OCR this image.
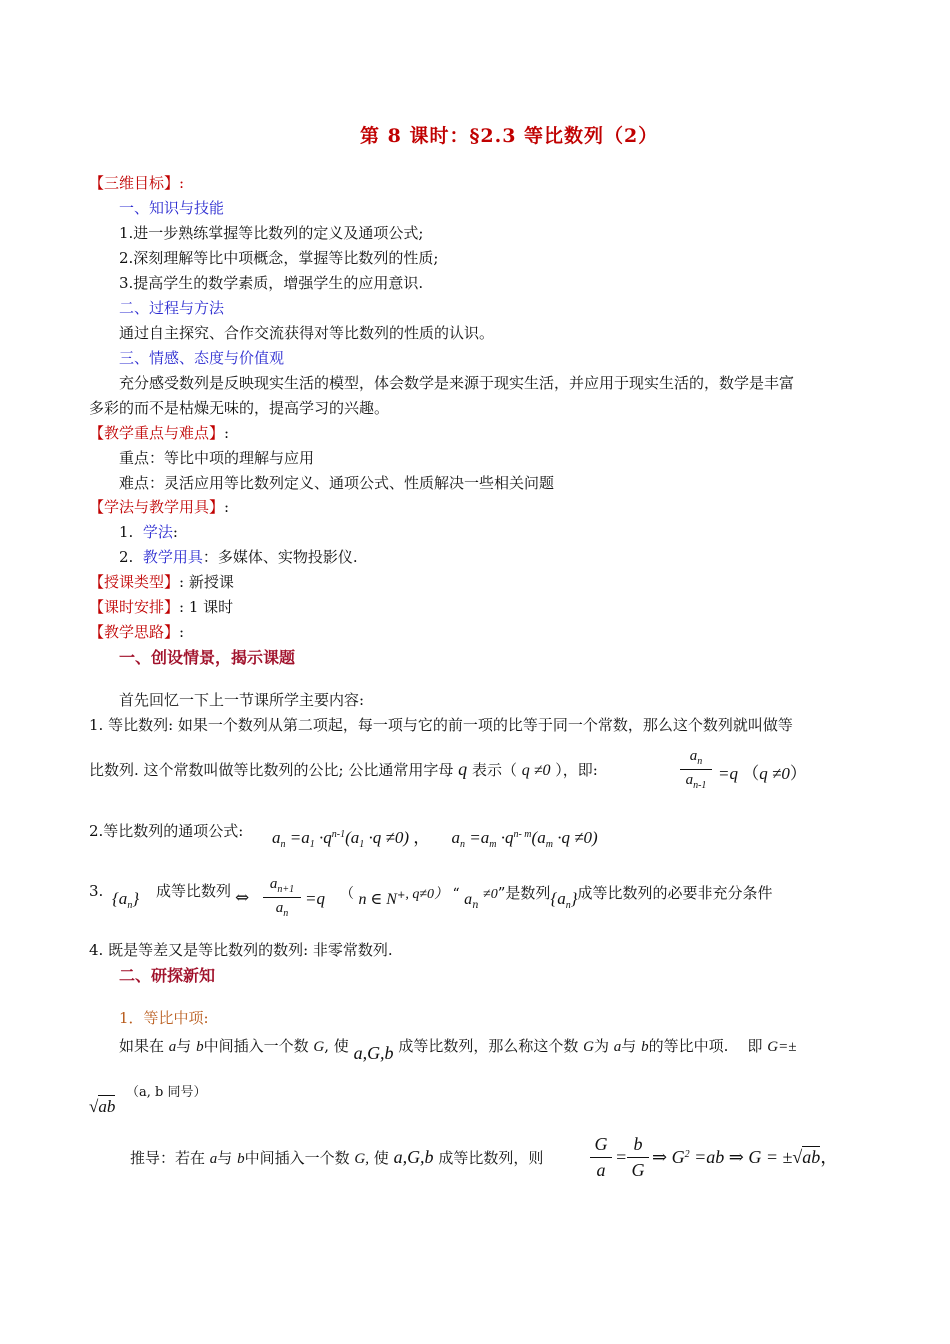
第 8 课时：§2.3 等比数列（2）
【三维目标】:
一、知识与技能
1.进一步熟练掌握等比数列的定义及通项公式;
2.深刻理解等比中项概念，掌握等比数列的性质;
3.提高学生的数学素质，增强学生的应用意识.
二、过程与方法
通过自主探究、合作交流获得对等比数列的性质的认识。
三、情感、态度与价值观
充分感受数列是反映现实生活的模型，体会数学是来源于现实生活，并应用于现实生活的，数学是丰富
多彩的而不是枯燥无味的，提高学习的兴趣。
【教学重点与难点】:
重点：等比中项的理解与应用
难点：灵活应用等比数列定义、通项公式、性质解决一些相关问题
【学法与教学用具】:
1. 学法:
2. 教学用具：多媒体、实物投影仪.
【授课类型】: 新授课
【课时安排】: 1 课时
【教学思路】:
一、创设情景，揭示课题
首先回忆一下上一节课所学主要内容:
1. 等比数列: 如果一个数列从第二项起，每一项与它的前一项的比等于同一个常数，那么这个数列就叫做等
比数列. 这个常数叫做等比数列的公比; 公比通常用字母 q 表示（ q ≠0 ），即:
$a_n$
$a_{n-1}$
=q （q ≠0）
2.等比数列的通项公式: $a_n =a_1 \cdot q^{n-1}(a_1 \cdot q \ne 0)$ ， $a_n =a_m \cdot q^{n- m}(a_m \cdot q \ne 0)$
3. $\{a_n\}$ 成等比数列 ⇔
$a_{n+1}$
$a_n$
=q （ n ∈ N+, q≠0） “ $a_n \ne 0$”是数列$\{a_n\}$成等比数列的必要非充分条件
4. 既是等差又是等比数列的数列: 非零常数列.
二、研探新知
1．等比中项:
如果在 a与 b中间插入一个数 G, 使 a,G,b 成等比数列，那么称这个数 G为 a与 b的等比中项. 即 G=±
√ab
（a, b 同号）
推导：若在 a与 b中间插入一个数 G, 使 a,G,b 成等比数列，则
G
a
=
b
G
⇒ $G^2 =ab$ ⇒ G = ±√ab，
